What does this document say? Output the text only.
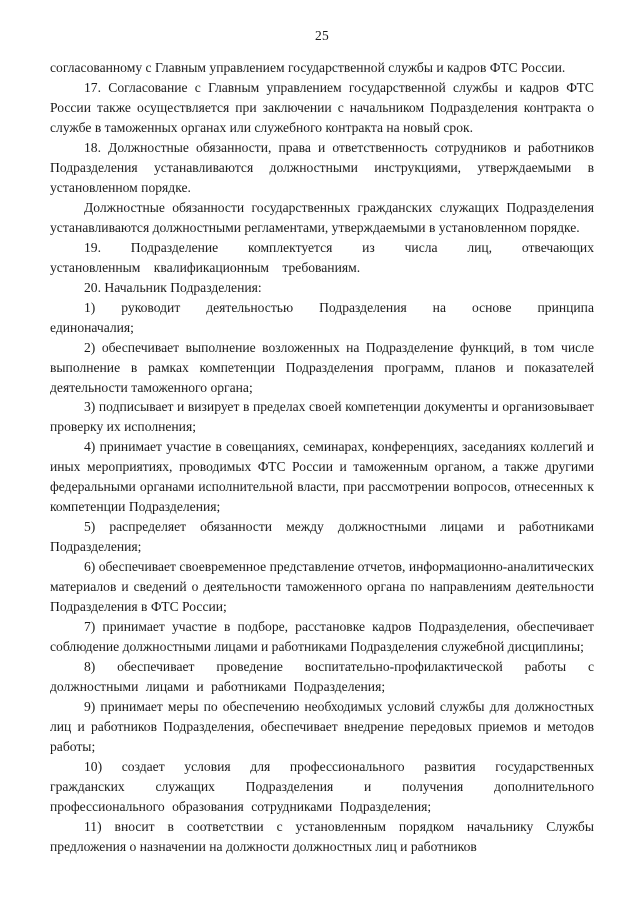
25

согласованному с Главным управлением государственной службы и кадров ФТС России.

17. Согласование с Главным управлением государственной службы и кадров ФТС России также осуществляется при заключении с начальником Подразделения контракта о службе в таможенных органах или служебного контракта на новый срок.

18. Должностные обязанности, права и ответственность сотрудников и работников Подразделения устанавливаются должностными инструкциями, утверждаемыми в установленном порядке.

Должностные обязанности государственных гражданских служащих Подразделения устанавливаются должностными регламентами, утверждаемыми в установленном порядке.

19. Подразделение комплектуется из числа лиц, отвечающих установленным квалификационным требованиям.

20. Начальник Подразделения:

1) руководит деятельностью Подразделения на основе принципа единоначалия;

2) обеспечивает выполнение возложенных на Подразделение функций, в том числе выполнение в рамках компетенции Подразделения программ, планов и показателей деятельности таможенного органа;

3) подписывает и визирует в пределах своей компетенции документы и организовывает проверку их исполнения;

4) принимает участие в совещаниях, семинарах, конференциях, заседаниях коллегий и иных мероприятиях, проводимых ФТС России и таможенным органом, а также другими федеральными органами исполнительной власти, при рассмотрении вопросов, отнесенных к компетенции Подразделения;

5) распределяет обязанности между должностными лицами и работниками Подразделения;

6) обеспечивает своевременное представление отчетов, информационно-аналитических материалов и сведений о деятельности таможенного органа по направлениям деятельности Подразделения в ФТС России;

7) принимает участие в подборе, расстановке кадров Подразделения, обеспечивает соблюдение должностными лицами и работниками Подразделения служебной дисциплины;

8) обеспечивает проведение воспитательно-профилактической работы с должностными лицами и работниками Подразделения;

9) принимает меры по обеспечению необходимых условий службы для должностных лиц и работников Подразделения, обеспечивает внедрение передовых приемов и методов работы;

10) создает условия для профессионального развития государственных гражданских служащих Подразделения и получения дополнительного профессионального образования сотрудниками Подразделения;

11) вносит в соответствии с установленным порядком начальнику Службы предложения о назначении на должности должностных лиц и работников
